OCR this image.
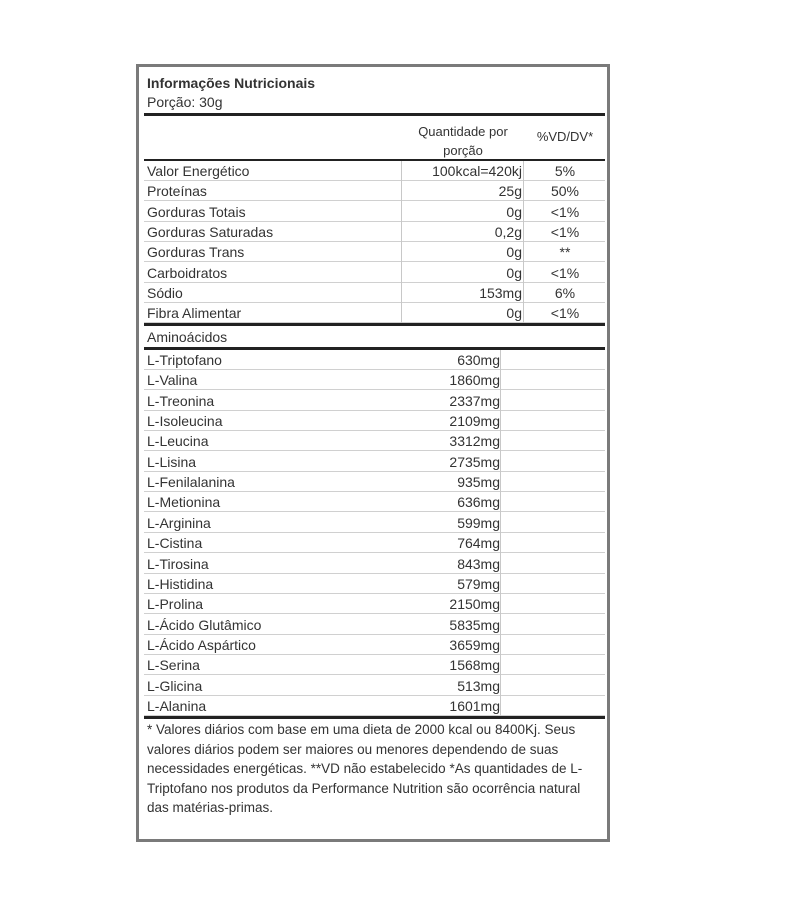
Informações Nutricionais
Porção: 30g
Quantidade por porção
%VD/DV*
Valor Energético	100kcal=420kj	5%
Proteínas	25g	50%
Gorduras Totais	0g	<1%
Gorduras Saturadas	0,2g	<1%
Gorduras Trans	0g	**
Carboidratos	0g	<1%
Sódio	153mg	6%
Fibra Alimentar	0g	<1%
Aminoácidos
L-Triptofano	630mg
L-Valina	1860mg
L-Treonina	2337mg
L-Isoleucina	2109mg
L-Leucina	3312mg
L-Lisina	2735mg
L-Fenilalanina	935mg
L-Metionina	636mg
L-Arginina	599mg
L-Cistina	764mg
L-Tirosina	843mg
L-Histidina	579mg
L-Prolina	2150mg
L-Ácido Glutâmico	5835mg
L-Ácido Aspártico	3659mg
L-Serina	1568mg
L-Glicina	513mg
L-Alanina	1601mg
* Valores diários com base em uma dieta de 2000 kcal ou 8400Kj. Seus valores diários podem ser maiores ou menores dependendo de suas necessidades energéticas. **VD não estabelecido *As quantidades de L-Triptofano nos produtos da Performance Nutrition são ocorrência natural das matérias-primas.
